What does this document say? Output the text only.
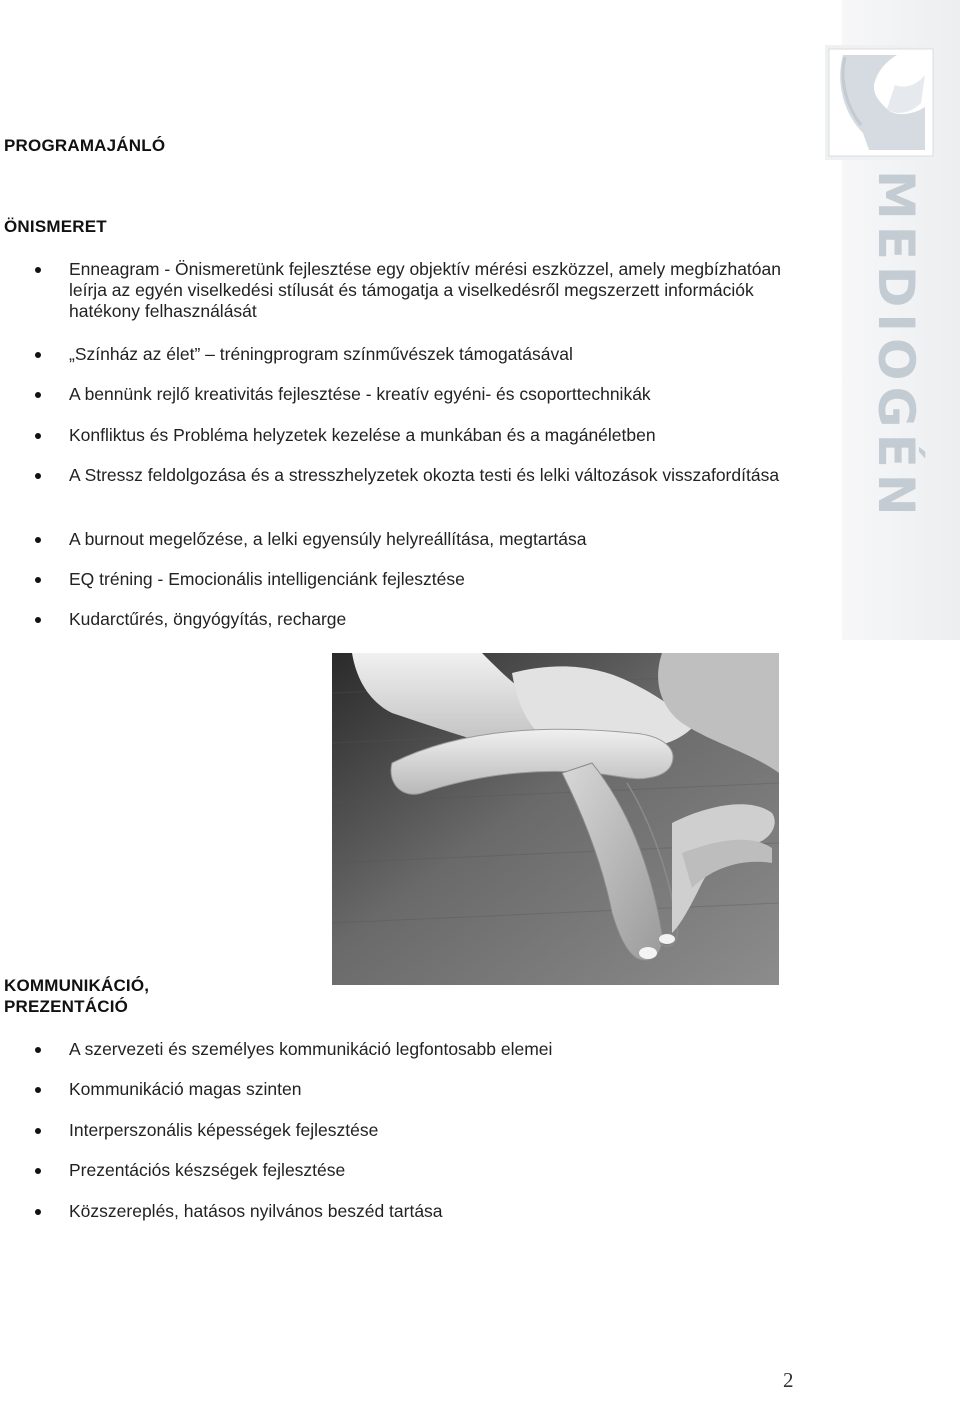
MEDIOGÉN
PROGRAMAJÁNLÓ
ÖNISMERET
Enneagram - Önismeretünk fejlesztése egy objektív mérési eszközzel, amely megbízhatóan leírja az egyén viselkedési stílusát és támogatja a viselkedésről megszerzett információk hatékony felhasználását
„Színház az élet” – tréningprogram színművészek támogatásával
A bennünk rejlő kreativitás fejlesztése - kreatív egyéni- és csoporttechnikák
Konfliktus és Probléma helyzetek kezelése a munkában és a magánéletben
A Stressz feldolgozása és a stresszhelyzetek okozta testi és lelki változások visszafordítása
A burnout megelőzése, a lelki egyensúly helyreállítása, megtartása
EQ tréning - Emocionális intelligenciánk fejlesztése
Kudarctűrés, öngyógyítás, recharge
KOMMUNIKÁCIÓ,
PREZENTÁCIÓ
A szervezeti és személyes kommunikáció legfontosabb elemei
Kommunikáció magas szinten
Interperszonális képességek fejlesztése
Prezentációs készségek fejlesztése
Közszereplés, hatásos nyilvános beszéd tartása
2
